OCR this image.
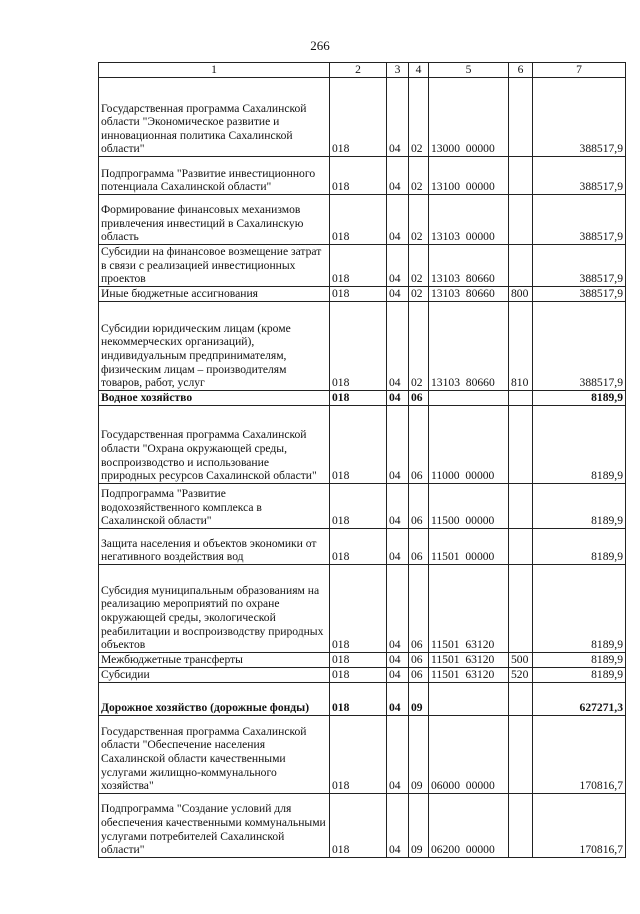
266
1	2	3	4	5	6	7
Государственная программа Сахалинской области "Экономическое развитие и инновационная политика Сахалинской области"	018	04	02	13000  00000		388517,9
Подпрограмма "Развитие инвестиционного потенциала Сахалинской области"	018	04	02	13100  00000		388517,9
Формирование финансовых механизмов привлечения инвестиций в Сахалинскую область	018	04	02	13103  00000		388517,9
Субсидии на финансовое возмещение затрат в связи с реализацией инвестиционных проектов	018	04	02	13103  80660		388517,9
Иные бюджетные ассигнования	018	04	02	13103  80660	800	388517,9
Субсидии юридическим лицам (кроме некоммерческих организаций), индивидуальным предпринимателям, физическим лицам – производителям товаров, работ, услуг	018	04	02	13103  80660	810	388517,9
Водное хозяйство	018	04	06			8189,9
Государственная программа Сахалинской области "Охрана окружающей среды, воспроизводство и использование природных ресурсов Сахалинской области"	018	04	06	11000  00000		8189,9
Подпрограмма "Развитие водохозяйственного комплекса в Сахалинской области"	018	04	06	11500  00000		8189,9
Защита населения и объектов экономики от негативного воздействия вод	018	04	06	11501  00000		8189,9
Субсидия муниципальным образованиям на реализацию мероприятий по охране окружающей среды, экологической реабилитации и воспроизводству природных объектов	018	04	06	11501  63120		8189,9
Межбюджетные трансферты	018	04	06	11501  63120	500	8189,9
Субсидии	018	04	06	11501  63120	520	8189,9
Дорожное хозяйство (дорожные фонды)	018	04	09			627271,3
Государственная программа Сахалинской области "Обеспечение населения Сахалинской области качественными услугами жилищно-коммунального хозяйства"	018	04	09	06000  00000		170816,7
Подпрограмма "Создание условий для обеспечения качественными коммунальными услугами потребителей Сахалинской области"	018	04	09	06200  00000		170816,7
